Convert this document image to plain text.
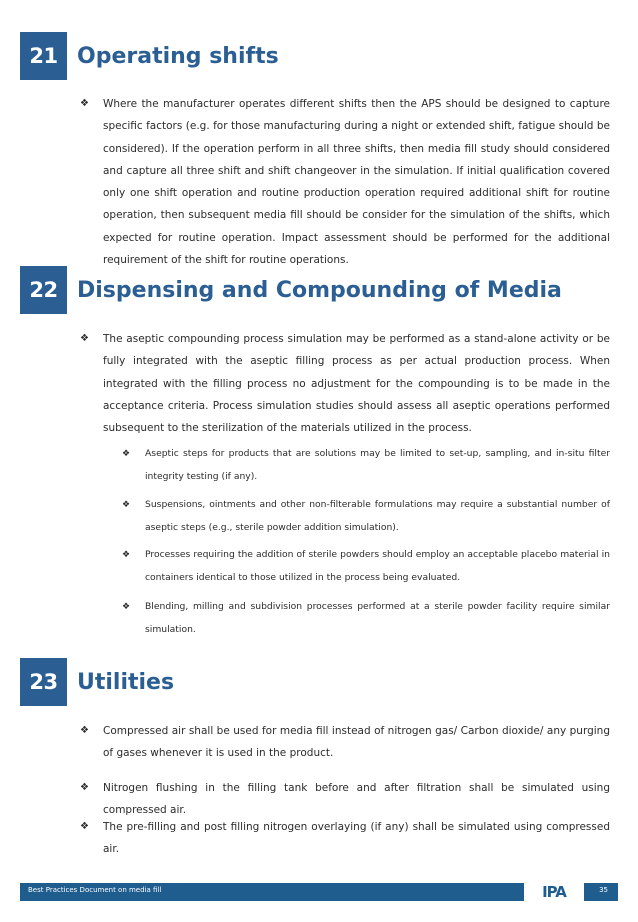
21 Operating shifts
❖ Where the manufacturer operates different shifts then the APS should be designed to capture specific factors (e.g. for those manufacturing during a night or extended shift, fatigue should be considered). If the operation perform in all three shifts, then media fill study should considered and capture all three shift and shift changeover in the simulation. If initial qualification covered only one shift operation and routine production operation required additional shift for routine operation, then subsequent media fill should be consider for the simulation of the shifts, which expected for routine operation. Impact assessment should be performed for the additional requirement of the shift for routine operations.
22 Dispensing and Compounding of Media
❖ The aseptic compounding process simulation may be performed as a stand-alone activity or be fully integrated with the aseptic filling process as per actual production process. When integrated with the filling process no adjustment for the compounding is to be made in the acceptance criteria. Process simulation studies should assess all aseptic operations performed subsequent to the sterilization of the materials utilized in the process.
❖ Aseptic steps for products that are solutions may be limited to set-up, sampling, and in-situ filter integrity testing (if any).
❖ Suspensions, ointments and other non-filterable formulations may require a substantial number of aseptic steps (e.g., sterile powder addition simulation).
❖ Processes requiring the addition of sterile powders should employ an acceptable placebo material in containers identical to those utilized in the process being evaluated.
❖ Blending, milling and subdivision processes performed at a sterile powder facility require similar simulation.
23 Utilities
❖ Compressed air shall be used for media fill instead of nitrogen gas/ Carbon dioxide/ any purging of gases whenever it is used in the product.
❖ Nitrogen flushing in the filling tank before and after filtration shall be simulated using compressed air.
❖ The pre-filling and post filling nitrogen overlaying (if any) shall be simulated using compressed air.
Best Practices Document on media fill	IPA	35
